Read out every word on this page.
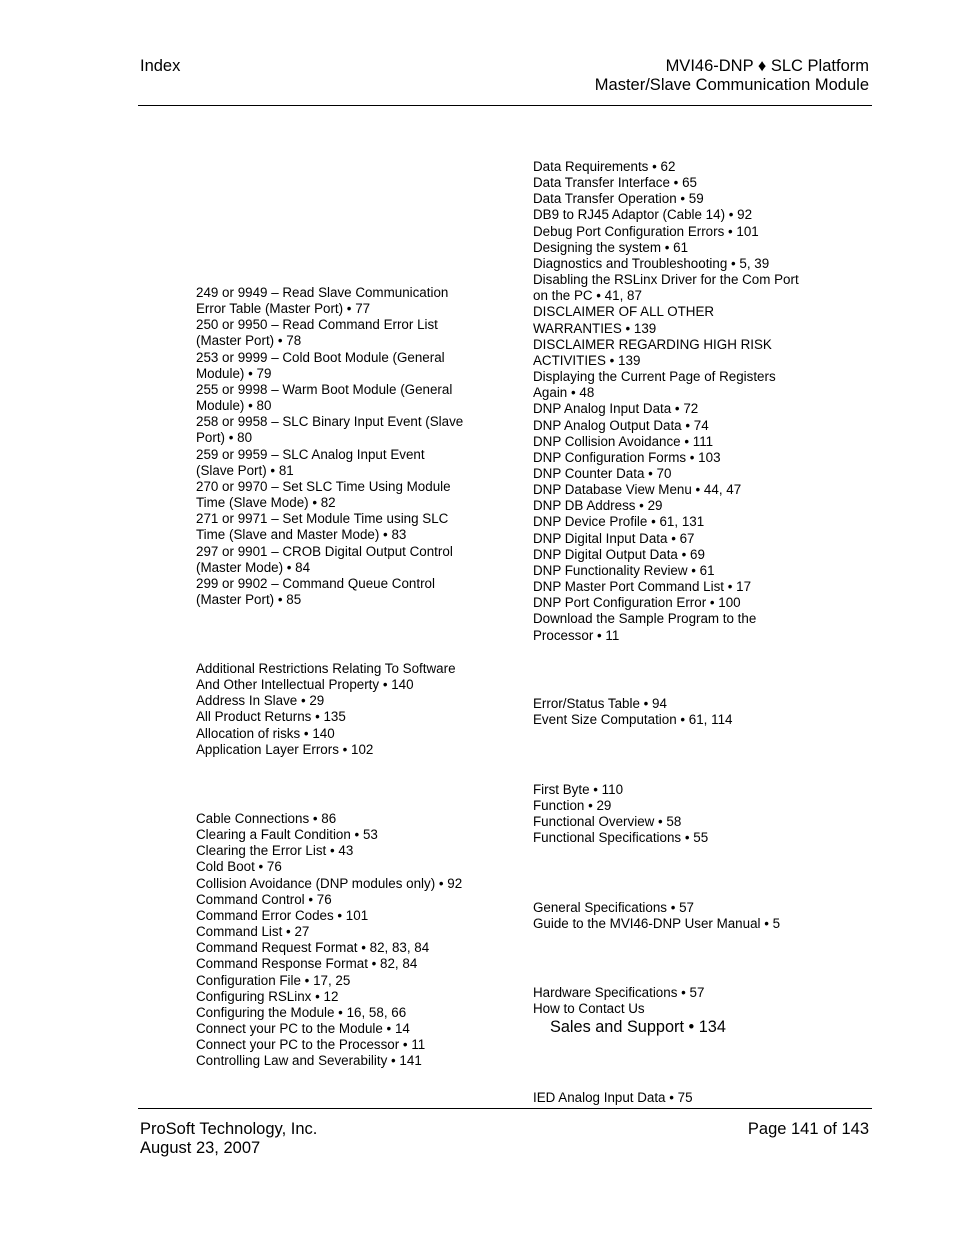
Index	MVI46-DNP ♦ SLC Platform
Master/Slave Communication Module
249 or 9949 – Read Slave Communication
Error Table (Master Port) • 77
250 or 9950 – Read Command Error List
(Master Port) • 78
253 or 9999 – Cold Boot Module (General
Module) • 79
255 or 9998 – Warm Boot Module (General
Module) • 80
258 or 9958 – SLC Binary Input Event (Slave
Port) • 80
259 or 9959 – SLC Analog Input Event
(Slave Port) • 81
270 or 9970 – Set SLC Time Using Module
Time (Slave Mode) • 82
271 or 9971 – Set Module Time using SLC
Time (Slave and Master Mode) • 83
297 or 9901 – CROB Digital Output Control
(Master Mode) • 84
299 or 9902 – Command Queue Control
(Master Port) • 85
Additional Restrictions Relating To Software
And Other Intellectual Property • 140
Address In Slave • 29
All Product Returns • 135
Allocation of risks • 140
Application Layer Errors • 102
Cable Connections • 86
Clearing a Fault Condition • 53
Clearing the Error List • 43
Cold Boot • 76
Collision Avoidance (DNP modules only) • 92
Command Control • 76
Command Error Codes • 101
Command List • 27
Command Request Format • 82, 83, 84
Command Response Format • 82, 84
Configuration File • 17, 25
Configuring RSLinx • 12
Configuring the Module • 16, 58, 66
Connect your PC to the Module • 14
Connect your PC to the Processor • 11
Controlling Law and Severability • 141
Data Requirements • 62
Data Transfer Interface • 65
Data Transfer Operation • 59
DB9 to RJ45 Adaptor (Cable 14) • 92
Debug Port Configuration Errors • 101
Designing the system • 61
Diagnostics and Troubleshooting • 5, 39
Disabling the RSLinx Driver for the Com Port
on the PC • 41, 87
DISCLAIMER OF ALL OTHER
WARRANTIES • 139
DISCLAIMER REGARDING HIGH RISK
ACTIVITIES • 139
Displaying the Current Page of Registers
Again • 48
DNP Analog Input Data • 72
DNP Analog Output Data • 74
DNP Collision Avoidance • 111
DNP Configuration Forms • 103
DNP Counter Data • 70
DNP Database View Menu • 44, 47
DNP DB Address • 29
DNP Device Profile • 61, 131
DNP Digital Input Data • 67
DNP Digital Output Data • 69
DNP Functionality Review • 61
DNP Master Port Command List • 17
DNP Port Configuration Error • 100
Download the Sample Program to the
Processor • 11
Error/Status Table • 94
Event Size Computation • 61, 114
First Byte • 110
Function • 29
Functional Overview • 58
Functional Specifications • 55
General Specifications • 57
Guide to the MVI46-DNP User Manual • 5
Hardware Specifications • 57
How to Contact Us
Sales and Support • 134
IED Analog Input Data • 75
ProSoft Technology, Inc.
August 23, 2007
Page 141 of 143
